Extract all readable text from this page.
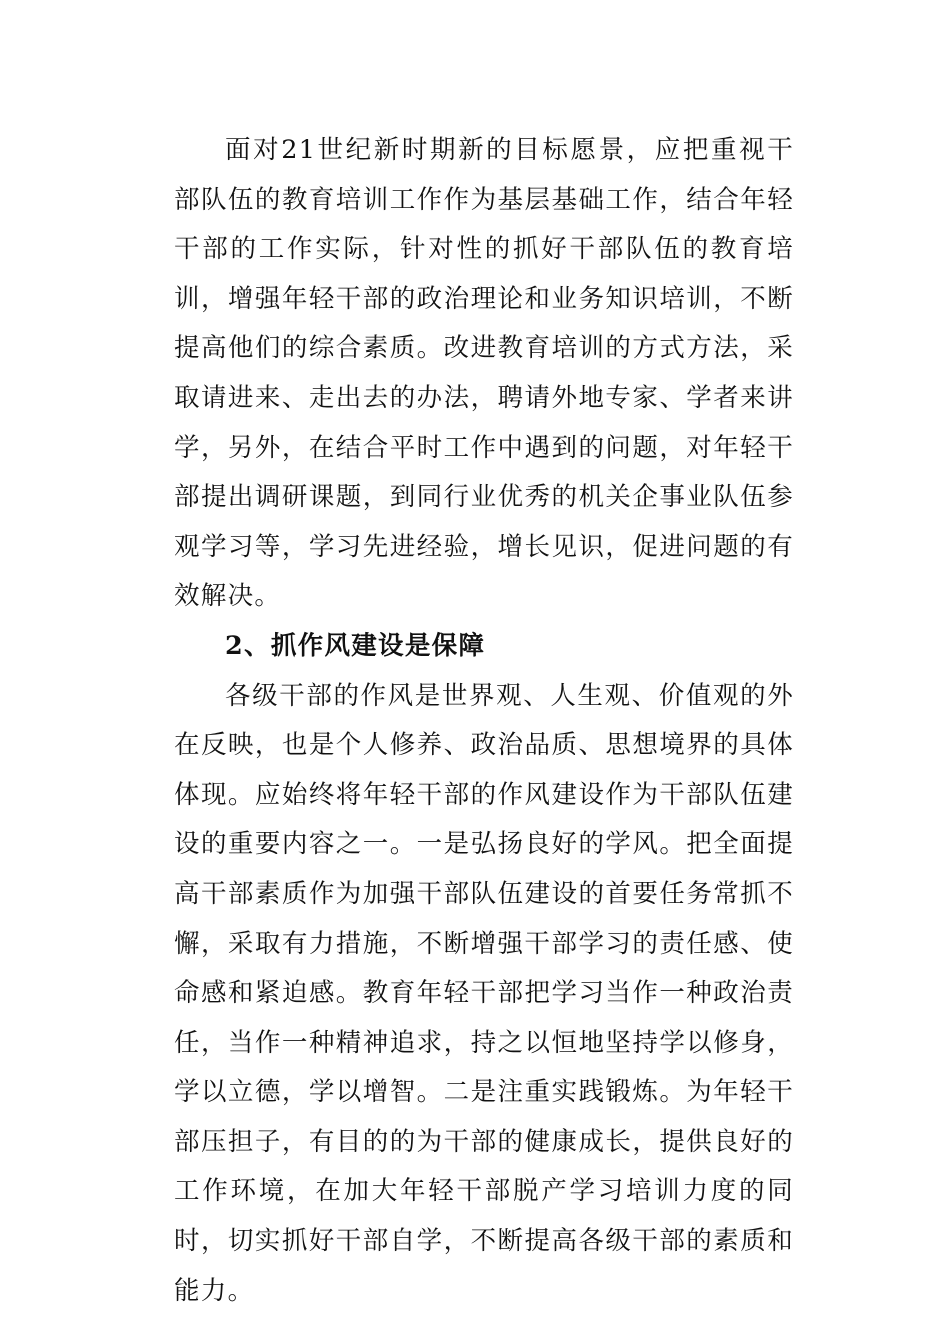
面对21世纪新时期新的目标愿景，应把重视干部队伍的教育培训工作作为基层基础工作，结合年轻干部的工作实际，针对性的抓好干部队伍的教育培训，增强年轻干部的政治理论和业务知识培训，不断提高他们的综合素质。改进教育培训的方式方法，采取请进来、走出去的办法，聘请外地专家、学者来讲学，另外，在结合平时工作中遇到的问题，对年轻干部提出调研课题，到同行业优秀的机关企事业队伍参观学习等，学习先进经验，增长见识，促进问题的有效解决。

2、抓作风建设是保障

各级干部的作风是世界观、人生观、价值观的外在反映，也是个人修养、政治品质、思想境界的具体体现。应始终将年轻干部的作风建设作为干部队伍建设的重要内容之一。一是弘扬良好的学风。把全面提高干部素质作为加强干部队伍建设的首要任务常抓不懈，采取有力措施，不断增强干部学习的责任感、使命感和紧迫感。教育年轻干部把学习当作一种政治责任，当作一种精神追求，持之以恒地坚持学以修身，学以立德，学以增智。二是注重实践锻炼。为年轻干部压担子，有目的的为干部的健康成长，提供良好的工作环境，在加大年轻干部脱产学习培训力度的同时，切实抓好干部自学，不断提高各级干部的素质和能力。
